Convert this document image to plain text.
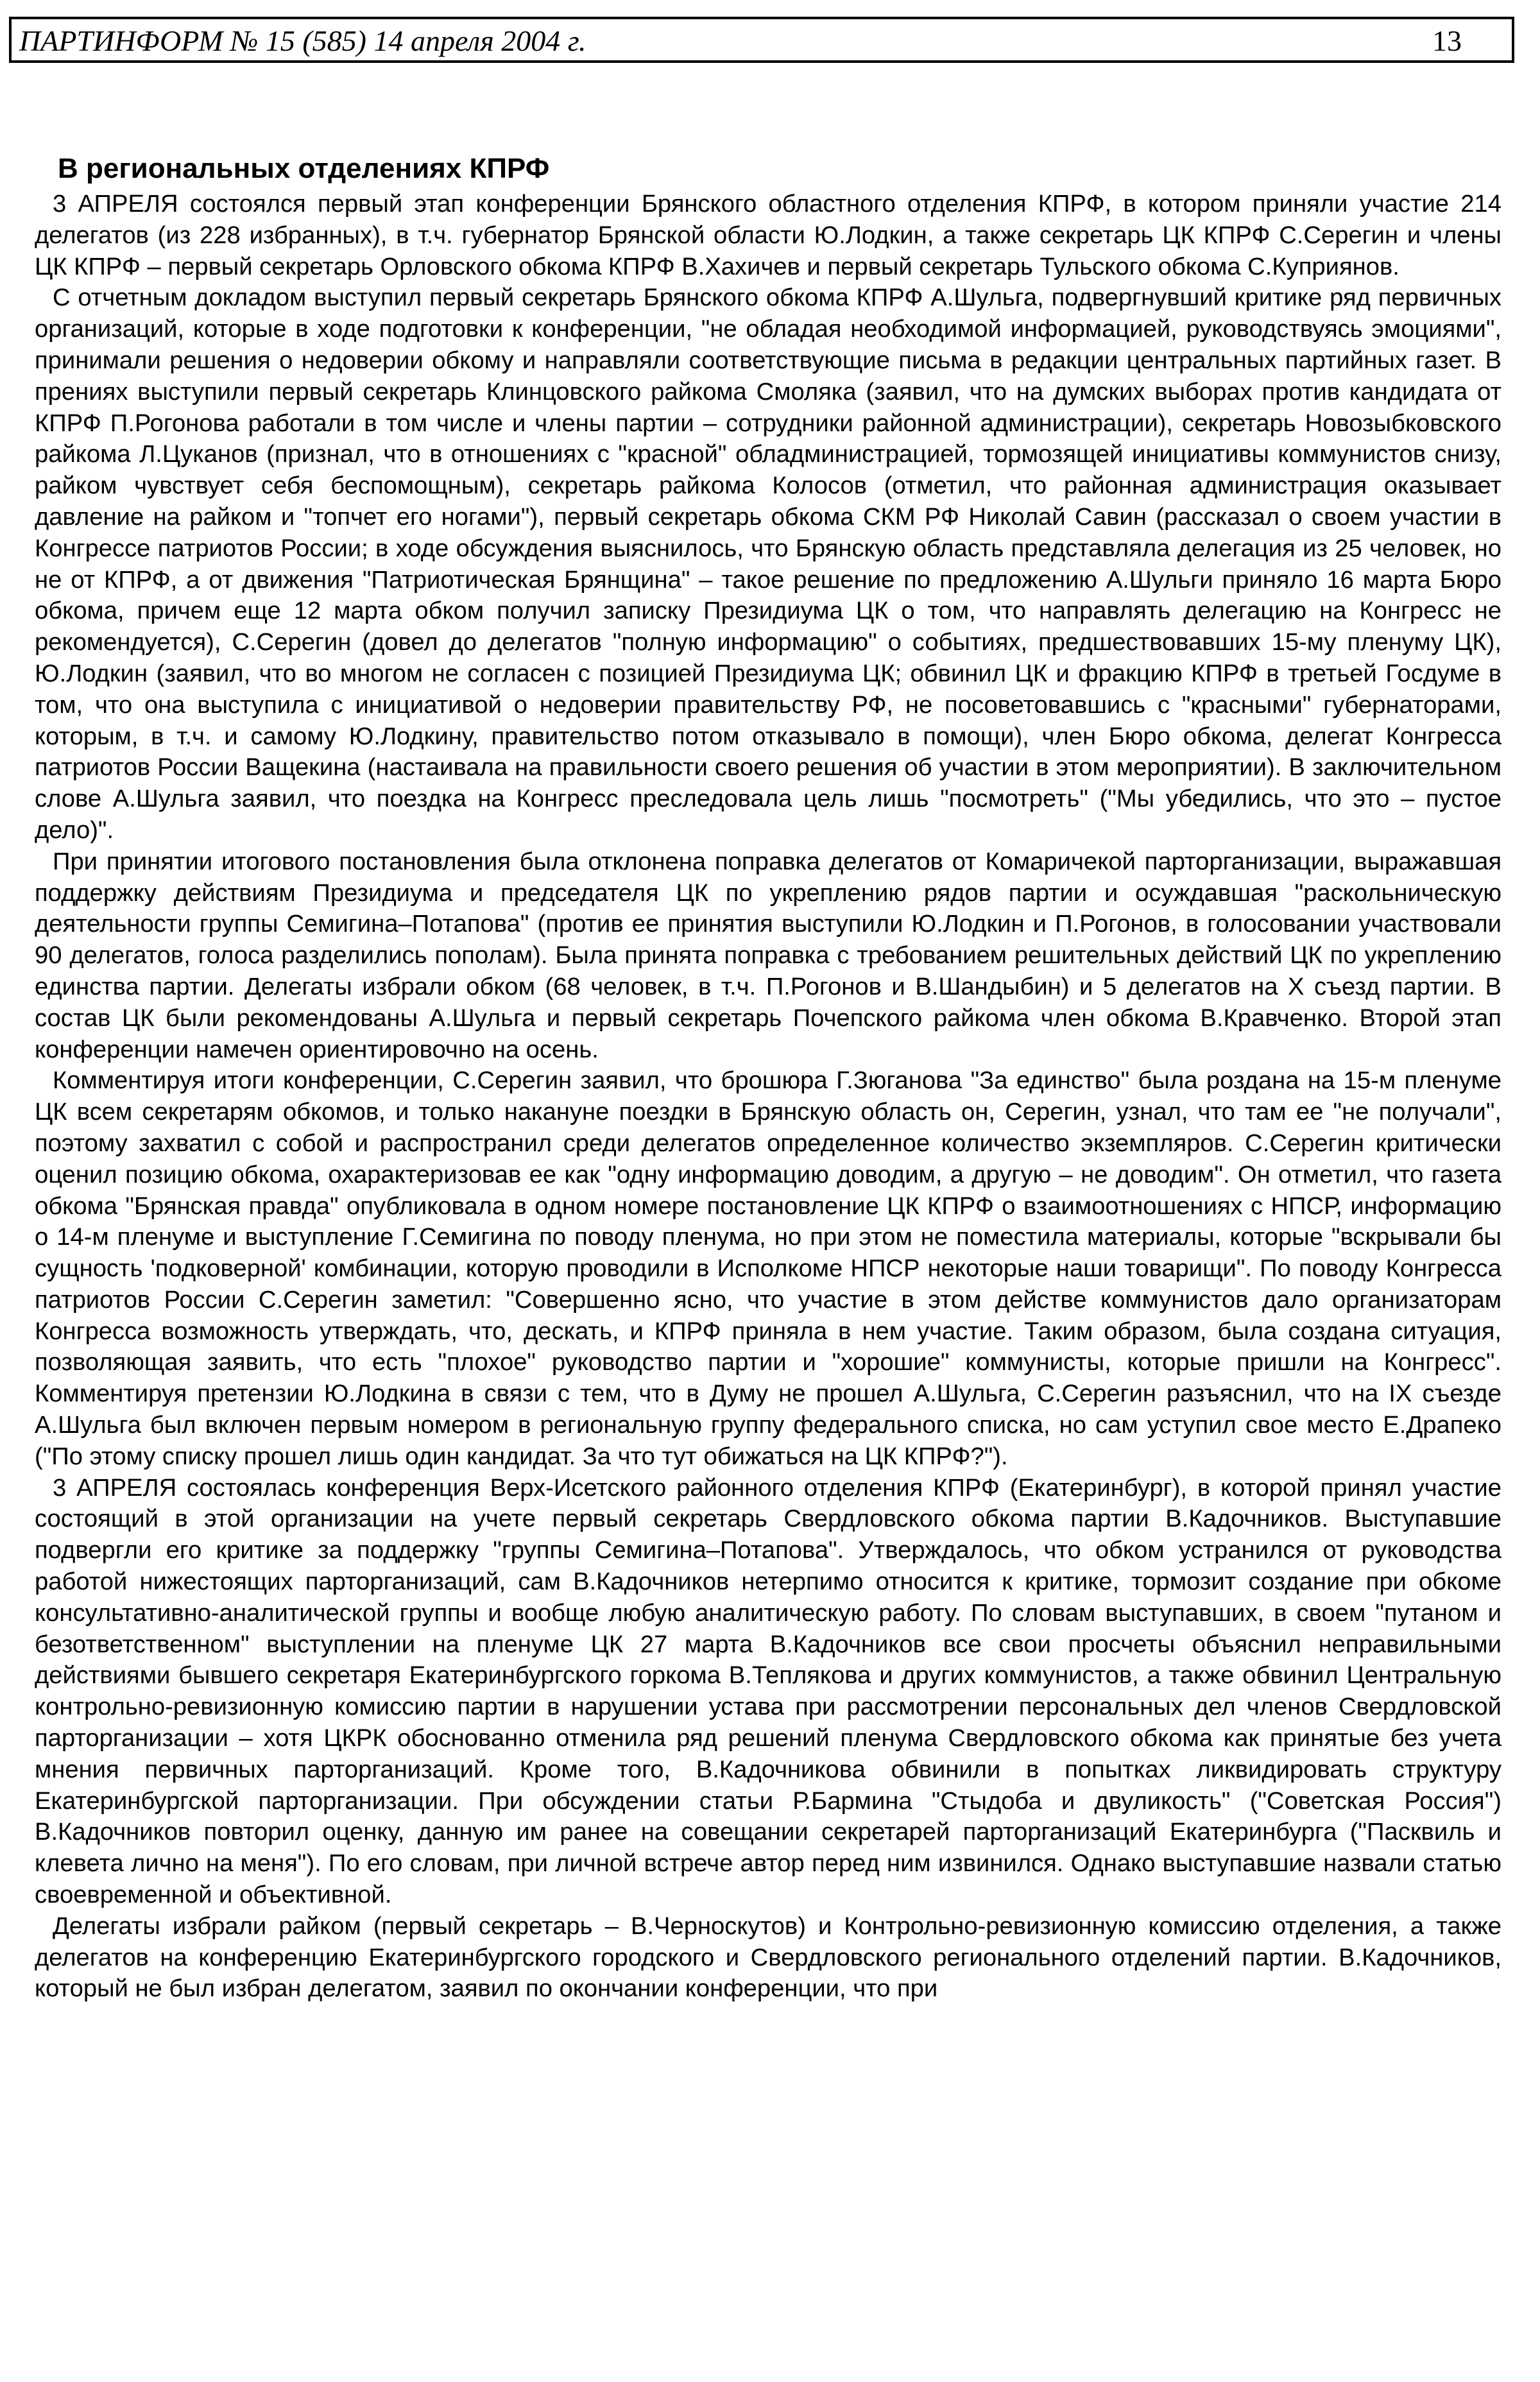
ПАРТИНФОРМ № 15 (585) 14 апреля 2004 г.	13
В региональных отделениях КПРФ

3 АПРЕЛЯ состоялся первый этап конференции Брянского областного отделения КПРФ, в котором приняли участие 214 делегатов (из 228 избранных), в т.ч. губернатор Брянской области Ю.Лодкин, а также секретарь ЦК КПРФ С.Серегин и члены ЦК КПРФ – первый секретарь Орловского обкома КПРФ В.Хахичев и первый секретарь Тульского обкома С.Куприянов.

С отчетным докладом выступил первый секретарь Брянского обкома КПРФ А.Шульга, подвергнувший критике ряд первичных организаций, которые в ходе подготовки к конференции, "не обладая необходимой информацией, руководствуясь эмоциями", принимали решения о недоверии обкому и направляли соответствующие письма в редакции центральных партийных газет. В прениях выступили первый секретарь Клинцовского райкома Смоляка (заявил, что на думских выборах против кандидата от КПРФ П.Рогонова работали в том числе и члены партии – сотрудники районной администрации), секретарь Новозыбковского райкома Л.Цуканов (признал, что в отношениях с "красной" обладминистрацией, тормозящей инициативы коммунистов снизу, райком чувствует себя беспомощным), секретарь райкома Колосов (отметил, что районная администрация оказывает давление на райком и "топчет его ногами"), первый секретарь обкома СКМ РФ Николай Савин (рассказал о своем участии в Конгрессе патриотов России; в ходе обсуждения выяснилось, что Брянскую область представляла делегация из 25 человек, но не от КПРФ, а от движения "Патриотическая Брянщина" – такое решение по предложению А.Шульги приняло 16 марта Бюро обкома, причем еще 12 марта обком получил записку Президиума ЦК о том, что направлять делегацию на Конгресс не рекомендуется), С.Серегин (довел до делегатов "полную информацию" о событиях, предшествовавших 15-му пленуму ЦК), Ю.Лодкин (заявил, что во многом не согласен с позицией Президиума ЦК; обвинил ЦК и фракцию КПРФ в третьей Госдуме в том, что она выступила с инициативой о недоверии правительству РФ, не посоветовавшись с "красными" губернаторами, которым, в т.ч. и самому Ю.Лодкину, правительство потом отказывало в помощи), член Бюро обкома, делегат Конгресса патриотов России Ващекина (настаивала на правильности своего решения об участии в этом мероприятии). В заключительном слове А.Шульга заявил, что поездка на Конгресс преследовала цель лишь "посмотреть" ("Мы убедились, что это – пустое дело)".

При принятии итогового постановления была отклонена поправка делегатов от Комаричекой парторганизации, выражавшая поддержку действиям Президиума и председателя ЦК по укреплению рядов партии и осуждавшая "раскольническую деятельности группы Семигина–Потапова" (против ее принятия выступили Ю.Лодкин и П.Рогонов, в голосовании участвовали 90 делегатов, голоса разделились пополам). Была принята поправка с требованием решительных действий ЦК по укреплению единства партии. Делегаты избрали обком (68 человек, в т.ч. П.Рогонов и В.Шандыбин) и 5 делегатов на X съезд партии. В состав ЦК были рекомендованы А.Шульга и первый секретарь Почепского райкома член обкома В.Кравченко. Второй этап конференции намечен ориентировочно на осень.

Комментируя итоги конференции, С.Серегин заявил, что брошюра Г.Зюганова "За единство" была роздана на 15-м пленуме ЦК всем секретарям обкомов, и только накануне поездки в Брянскую область он, Серегин, узнал, что там ее "не получали", поэтому захватил с собой и распространил среди делегатов определенное количество экземпляров. С.Серегин критически оценил позицию обкома, охарактеризовав ее как "одну информацию доводим, а другую – не доводим". Он отметил, что газета обкома "Брянская правда" опубликовала в одном номере постановление ЦК КПРФ о взаимоотношениях с НПСР, информацию о 14-м пленуме и выступление Г.Семигина по поводу пленума, но при этом не поместила материалы, которые "вскрывали бы сущность 'подковерной' комбинации, которую проводили в Исполкоме НПСР некоторые наши товарищи". По поводу Конгресса патриотов России С.Серегин заметил: "Совершенно ясно, что участие в этом действе коммунистов дало организаторам Конгресса возможность утверждать, что, дескать, и КПРФ приняла в нем участие. Таким образом, была создана ситуация, позволяющая заявить, что есть "плохое" руководство партии и "хорошие" коммунисты, которые пришли на Конгресс". Комментируя претензии Ю.Лодкина в связи с тем, что в Думу не прошел А.Шульга, С.Серегин разъяснил, что на IX съезде А.Шульга был включен первым номером в региональную группу федерального списка, но сам уступил свое место Е.Драпеко ("По этому списку прошел лишь один кандидат. За что тут обижаться на ЦК КПРФ?").

3 АПРЕЛЯ состоялась конференция Верх-Исетского районного отделения КПРФ (Екатеринбург), в которой принял участие состоящий в этой организации на учете первый секретарь Свердловского обкома партии В.Кадочников. Выступавшие подвергли его критике за поддержку "группы Семигина–Потапова". Утверждалось, что обком устранился от руководства работой нижестоящих парторганизаций, сам В.Кадочников нетерпимо относится к критике, тормозит создание при обкоме консультативно-аналитической группы и вообще любую аналитическую работу. По словам выступавших, в своем "путаном и безответственном" выступлении на пленуме ЦК 27 марта В.Кадочников все свои просчеты объяснил неправильными действиями бывшего секретаря Екатеринбургского горкома В.Теплякова и других коммунистов, а также обвинил Центральную контрольно-ревизионную комиссию партии в нарушении устава при рассмотрении персональных дел членов Свердловской парторганизации – хотя ЦКРК обоснованно отменила ряд решений пленума Свердловского обкома как принятые без учета мнения первичных парторганизаций. Кроме того, В.Кадочникова обвинили в попытках ликвидировать структуру Екатеринбургской парторганизации. При обсуждении статьи Р.Бармина "Стыдоба и двуликость" ("Советская Россия") В.Кадочников повторил оценку, данную им ранее на совещании секретарей парторганизаций Екатеринбурга ("Пасквиль и клевета лично на меня"). По его словам, при личной встрече автор перед ним извинился. Однако выступавшие назвали статью своевременной и объективной.

Делегаты избрали райком (первый секретарь – В.Черноскутов) и Контрольно-ревизионную комиссию отделения, а также делегатов на конференцию Екатеринбургского городского и Свердловского регионального отделений партии. В.Кадочников, который не был избран делегатом, заявил по окончании конференции, что при
